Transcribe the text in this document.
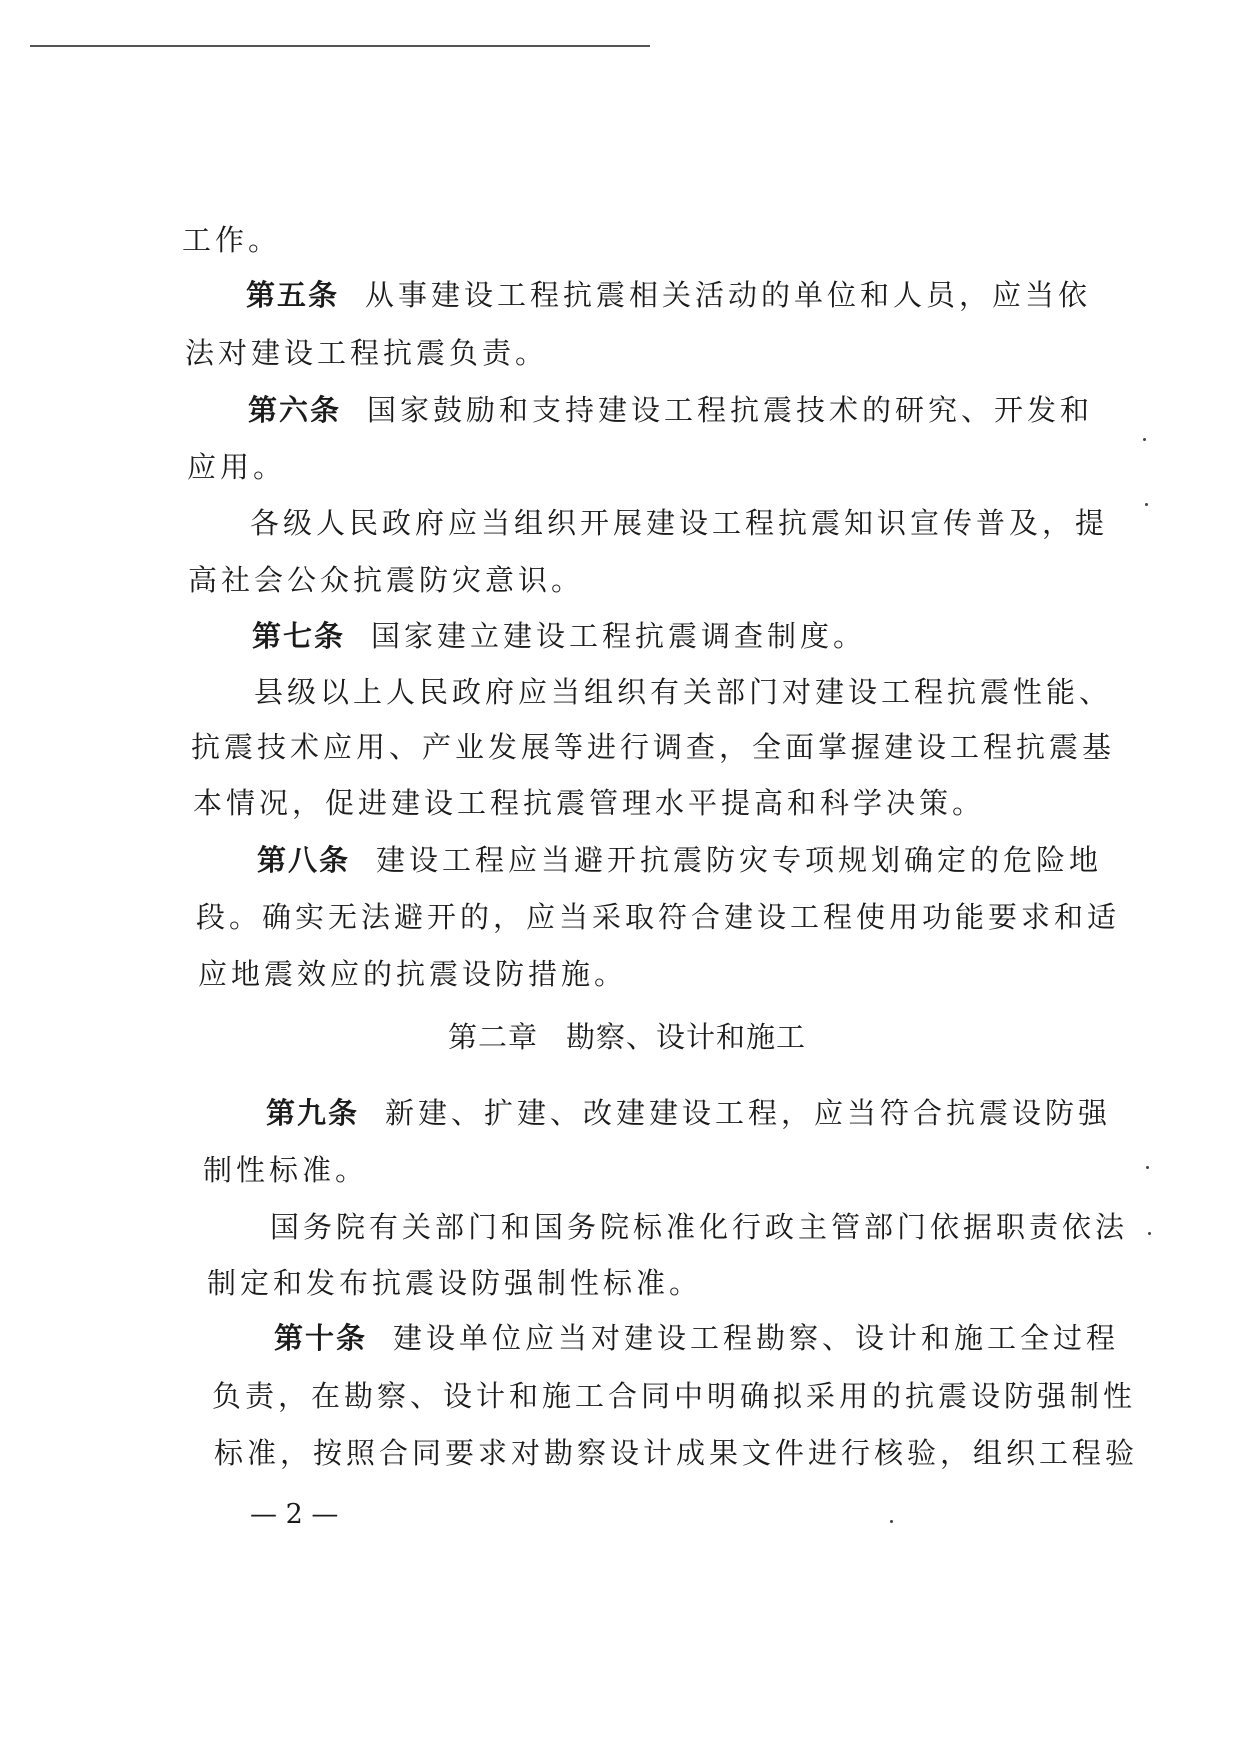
工作。
第五条 从事建设工程抗震相关活动的单位和人员，应当依
法对建设工程抗震负责。
第六条 国家鼓励和支持建设工程抗震技术的研究、开发和
应用。
各级人民政府应当组织开展建设工程抗震知识宣传普及，提
高社会公众抗震防灾意识。
第七条 国家建立建设工程抗震调查制度。
县级以上人民政府应当组织有关部门对建设工程抗震性能、
抗震技术应用、产业发展等进行调查，全面掌握建设工程抗震基
本情况，促进建设工程抗震管理水平提高和科学决策。
第八条 建设工程应当避开抗震防灾专项规划确定的危险地
段。确实无法避开的，应当采取符合建设工程使用功能要求和适
应地震效应的抗震设防措施。
第二章 勘察、设计和施工
第九条 新建、扩建、改建建设工程，应当符合抗震设防强
制性标准。
国务院有关部门和国务院标准化行政主管部门依据职责依法
制定和发布抗震设防强制性标准。
第十条 建设单位应当对建设工程勘察、设计和施工全过程
负责，在勘察、设计和施工合同中明确拟采用的抗震设防强制性
标准，按照合同要求对勘察设计成果文件进行核验，组织工程验
— 2 —
